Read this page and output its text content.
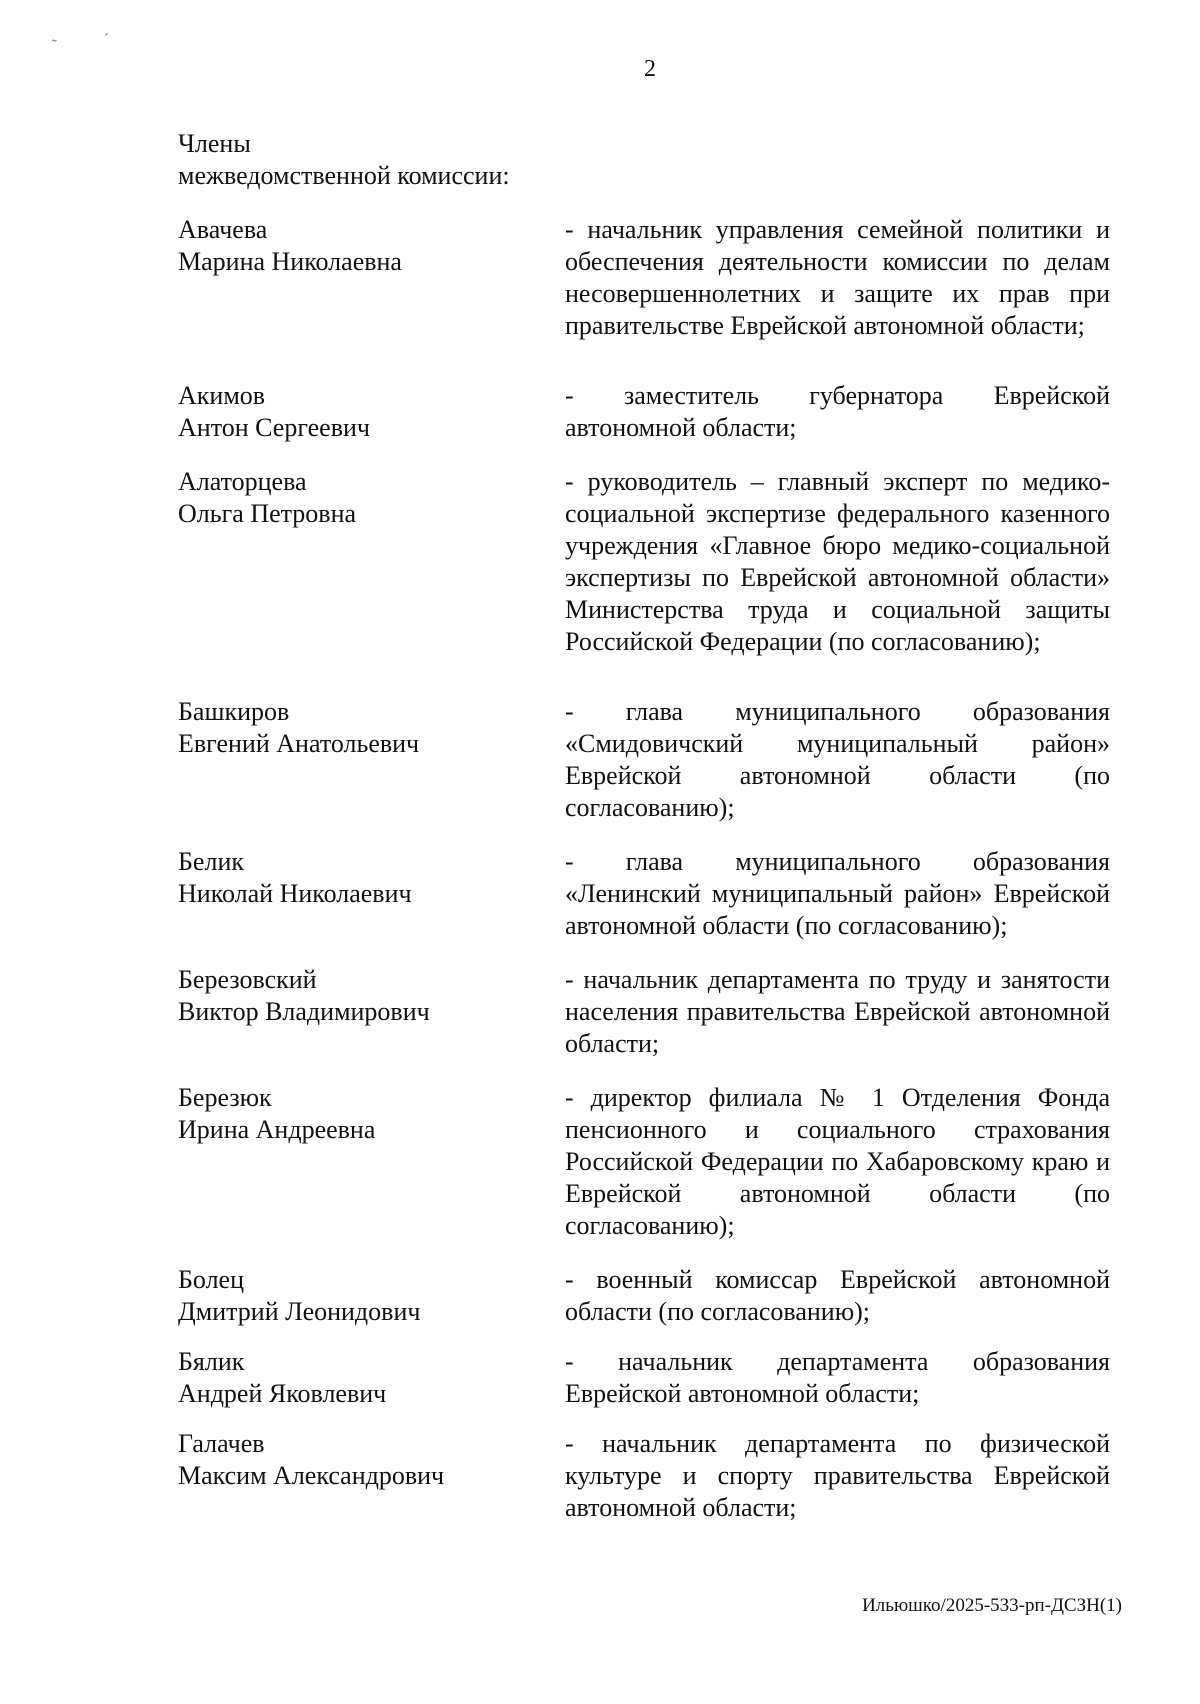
˜	ˊ
2
Члены
межведомственной комиссии:
Авачева
Марина Николаевна
- начальник управления семейной политики и обеспечения деятельности комиссии по делам несовершеннолетних и защите их прав при правительстве Еврейской автономной области;
Акимов
Антон Сергеевич
- заместитель губернатора Еврейской автономной области;
Алаторцева
Ольга Петровна
- руководитель – главный эксперт по медико-социальной экспертизе федерального казенного учреждения «Главное бюро медико-социальной экспертизы по Еврейской автономной области» Министерства труда и социальной защиты Российской Федерации (по согласованию);
Башкиров
Евгений Анатольевич
- глава муниципального образования «Смидовичский муниципальный район» Еврейской автономной области (по согласованию);
Белик
Николай Николаевич
- глава муниципального образования «Ленинский муниципальный район» Еврейской автономной области (по согласованию);
Березовский
Виктор Владимирович
- начальник департамента по труду и занятости населения правительства Еврейской автономной области;
Березюк
Ирина Андреевна
- директор филиала № 1 Отделения Фонда пенсионного и социального страхования Российской Федерации по Хабаровскому краю и Еврейской автономной области (по согласованию);
Болец
Дмитрий Леонидович
- военный комиссар Еврейской автономной области (по согласованию);
Бялик
Андрей Яковлевич
- начальник департамента образования Еврейской автономной области;
Галачев
Максим Александрович
- начальник департамента по физической культуре и спорту правительства Еврейской автономной области;
Ильюшко/2025-533-рп-ДСЗН(1)
